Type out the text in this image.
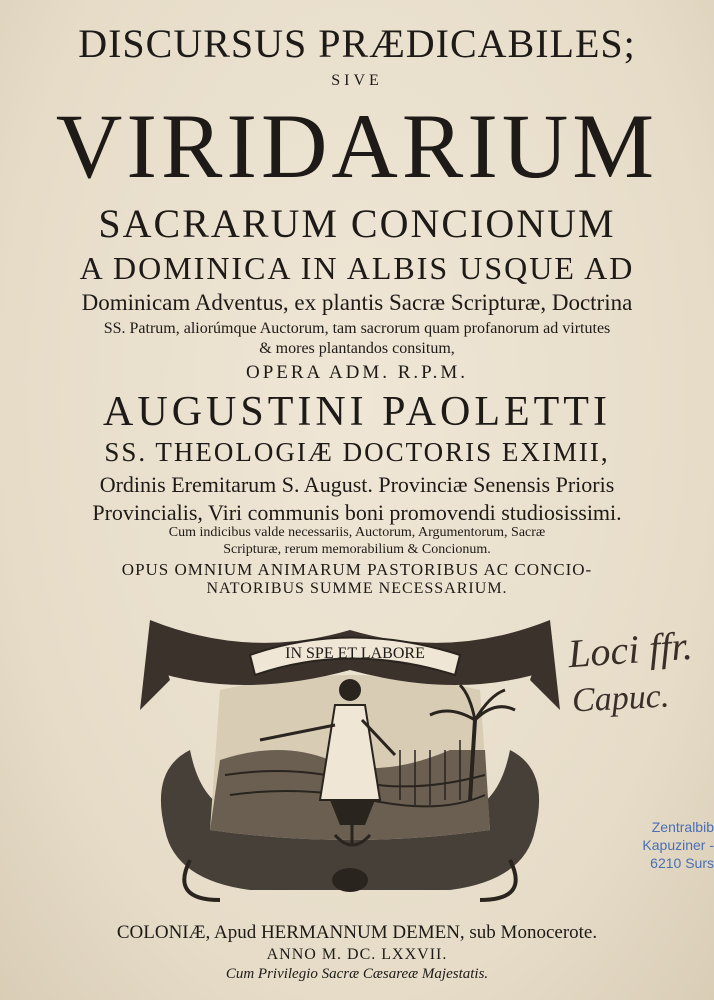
DISCURSUS PRÆDICABILES;
SIVE
VIRIDARIUM
SACRARUM CONCIONUM
A DOMINICA IN ALBIS USQUE AD
Dominicam Adventus, ex plantis Sacræ Scripturæ, Doctrina
SS. Patrum, aliorúmque Auctorum, tam sacrorum quam profanorum ad virtutes
& mores plantandos consitum,
OPERA ADM. R.P.M.
AUGUSTINI PAOLETTI
SS. THEOLOGIÆ DOCTORIS EXIMII,
Ordinis Eremitarum S. August. Provinciæ Senensis Prioris
Provincialis, Viri communis boni promovendi studiosissimi.
Cum indicibus valde necessariis, Auctorum, Argumentorum, Sacræ
Scripturæ, rerum memorabilium & Concionum.
OPUS OMNIUM ANIMARUM PASTORIBUS AC CONCIO-
NATORIBUS SUMME NECESSARIUM.
IN SPE ET LABORE	Loci ffr.
Capuc.
Zentralbib
Kapuziner -
6210 Surs
COLONIÆ, Apud HERMANNUM DEMEN, sub Monocerote.
ANNO M. DC. LXXVII.
Cum Privilegio Sacræ Cæsareæ Majestatis.
